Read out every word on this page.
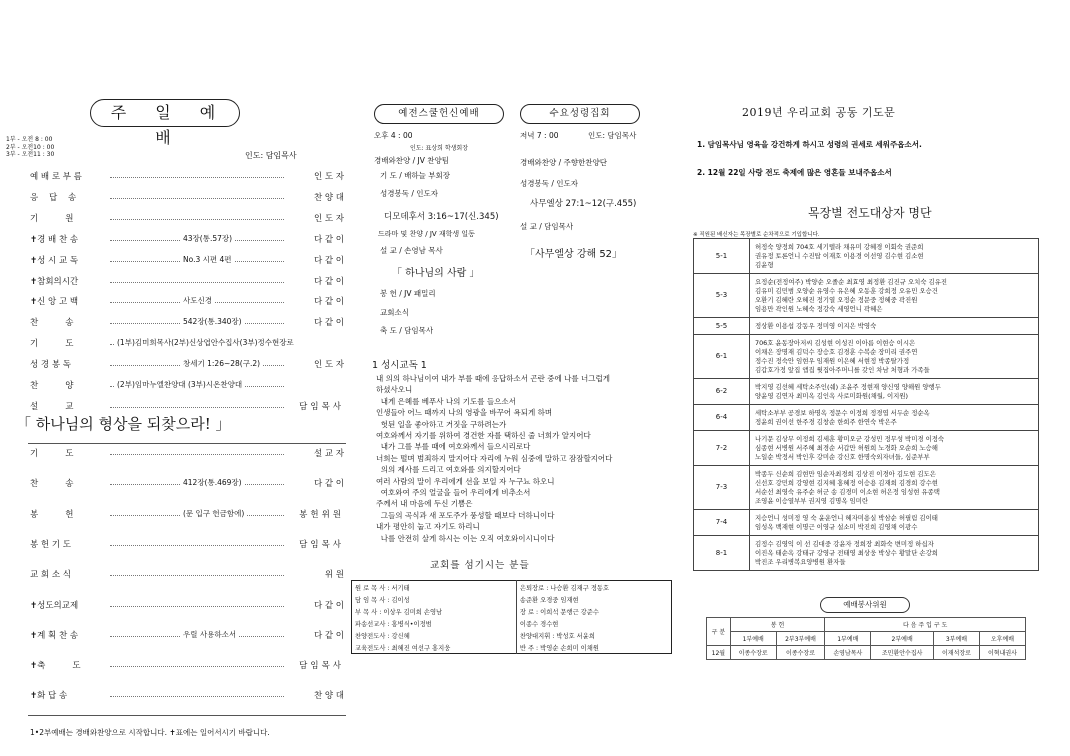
주 일 예 배
1부 - 오전 8 : 00
2부 - 오전10 : 00
3부 - 오전11 : 30	인도: 담임목사
예 배 로 부 름	인 도 자
응    답    송	찬 양 대
기          원	인 도 자
✝경 배 찬 송	43장(통.57장)	다 같 이
✝성 시 교 독	No.3 시편 4편	다 같 이
✝참회의시간	다 같 이
✝신 앙 고 백	사도신경	다 같 이
찬          송	542장(통.340장)	다 같 이
기          도	(1부)김미희목사(2부)신상엽안수집사(3부)정수현장로
성 경 봉 독	창세기 1:26~28(구.2)	인 도 자
찬          양	(2부)임마누엘찬양대 (3부)시온찬양대
설          교	담임목사
「 하나님의 형상을 되찾으라! 」
기          도	설 교 자
찬          송	412장(통.469장)	다 같 이
봉          헌	(문 입구 헌금함에)	봉헌위원
봉 헌 기 도	담임목사
교 회 소 식	위 원
✝성도의교제	다 같 이
✝계 획 찬 송	우릴 사용하소서	다 같 이
✝축          도	담임목사
✝화 답 송	찬 양 대
1•2부예배는 경배와찬양으로 시작합니다. ✝표에는 일어서시기 바랍니다.
예전스쿨헌신예배	수요성령집회
오후 4 : 00
인도: 표상희 학생회장
경배와찬양 / JV 찬양팀
기 도 / 배하늘 부회장
성경봉독 / 인도자
디모데후서 3:16~17(신.345)
드라마 및 찬양 / JV 재학생 일동
설 교 / 손영남 목사
「 하나님의 사람 」
봉 헌 / JV 패밀리
교회소식
축 도 / 담임목사
저녁 7 : 00	인도: 담임목사
경배와찬양 / 주향한찬양단
성경봉독 / 인도자
사무엘상 27:1~12(구.455)
설 교 / 담임목사
「사무엘상 강해 52」
1 성시교독 1
내 의의 하나님이여 내가 부를 때에 응답하소서 곤란 중에 나를 너그럽게
하셨사오니
내게 은혜를 베푸사 나의 기도를 들으소서
인생들아 어느 때까지 나의 영광을 바꾸어 욕되게 하며
헛된 일을 좋아하고 거짓을 구하려는가
여호와께서 자기를 위하여 경건한 자를 택하신 줄 너희가 알지어다
내가 그를 부를 때에 여호와께서 들으시리로다
너희는 떨며 범죄하지 말지어다 자리에 누워 심중에 말하고 잠잠할지어다
의의 제사를 드리고 여호와를 의지할지어다
여러 사람의 말이 우리에게 선을 보일 자 누구뇨 하오니
여호와여 주의 얼굴을 들어 우리에게 비추소서
주께서 내 마음에 두신 기쁨은
그들의 곡식과 새 포도주가 풍성할 때보다 더하니이다
내가 평안히 눕고 자기도 하리니
나를 안전히 살게 하시는 이는 오직 여호와이시니이다
교회를 섬기시는 분들
원 로 목 사 : 서기태	은퇴장로 : 나승환 김재구 정동호
담 임 목 사 : 김이성	송준환 오경중 임재현
부 목 사 : 이상우 김미희 손영남	장 로 : 이희석 문행근 강준수
파송선교사 : 홍병식•이정범	이종수 경수현
찬양전도사 : 강신혜	찬양대지휘 : 박성호 서윤희
교육전도사 : 최혜진 여선구 홍지웅	반 주 : 박영순 손희미 이채원
2019년 우리교회 공동 기도문
1. 담임목사님 영육을 강건하게 하시고 성령의 권세로 세워주옵소서.
2. 12월 22일 사랑 전도 축제에 많은 영혼들 보내주옵소서
목장별 전도대상자 명단
※ 직원된 배신자는 목장별로 순차적으로 기입합니다.
5-1	허정숙 양정희 704호 세기텔라 채유미 강혜경 이회숙 권준희
권유정 토론언니 수진탑 이재호 이용경 이선영 김수현 김소현
김윤형

5-3	요정순(전정여주) 박양순 오졸순 최효영 최정환 김진규 오치숙 김유진
김유미 김민범 오양순 유영수 유은혜 오동훈 강희정 오유민 오승건
오환기 김혜란 오혜진 정기열 오정순 정문중 정혜중 곽진원
임용만 곽인원 노혜숙 정강숙 세영언니 곽혜은

5-5	정상환 이용섭 강동우 정미영 이지은 박영숙

6-1	706호 윤동장아저씨 김성현 이성진 이아름 이현승 이시은
이채은 장명재 김덕수 장승호 김경훈 수복순 장미리 권주연
정수진 정숙안 임현우 임재원 이은혜 서현정 박종탈가정
김갑호가정 앞집 앱집 윗집아주머니를 갖인 차남 처형과 가족들

6-2	박지영 김선혜 세탁소주인(쉐) 조윤주 정현재 양신영 양해원 양행두
양윤영 김연자 최미옥 김인옥 사로미화원(채월, 이지원)

6-4	세탁소부부 공경보 하명옥 정문수 이정희 정경엽 서두순 정순옥
정윤희 권이선 한주경 김창순 한희주 한연숙 박은주

7-2	나기문 김상무 이정희 김세훈 황미오군 강성민 정무성 박미경 이정숙
심종현 서병원 서주혜 최경순 서갑만 허원희 노경화 오순희 노승해
노일순 박정서 박인후 강미순 강신호 한명숙외자녀들, 심준부부

7-3	박종두 신순희 김현만 임순자최경희 김상진 이경아 김도현 김도은
신선호 강민희 강영현 김지혜 홍혜정 이승용 김재희 김경희 강수현
서순선 최영숙 유주순 허군 송 김경미 이소현 허은정 임성현 유종택
조영윤 이승열부부 권지영 김명옥 임미란

7-4	지승언니 성미정 영 숙 윤운언니 혜자미용실 박삼순 허필림 김이태
임성옥 백재현 이명근 이영규 설소미 박진희 김영채 이광수

8-1	김정수 김영익 이 선 김대중 강윤자 정희장 최화숙 변미정 하십자
이진옥 태순옥 강태규 강영규 전태영 최상웅 박상수 황말단 손강희
박진조 우리병복요양병원 환자들
예배봉사위원
구 분	봉 헌		다 음 주 입 구 도			
	1부예배	2부3부예배	1부예배	2부예배	3부예배	오후예배
12월	이종수장로	이종수장로	손영남목사	조민환안수집사	이재석장로	이혁내권사
